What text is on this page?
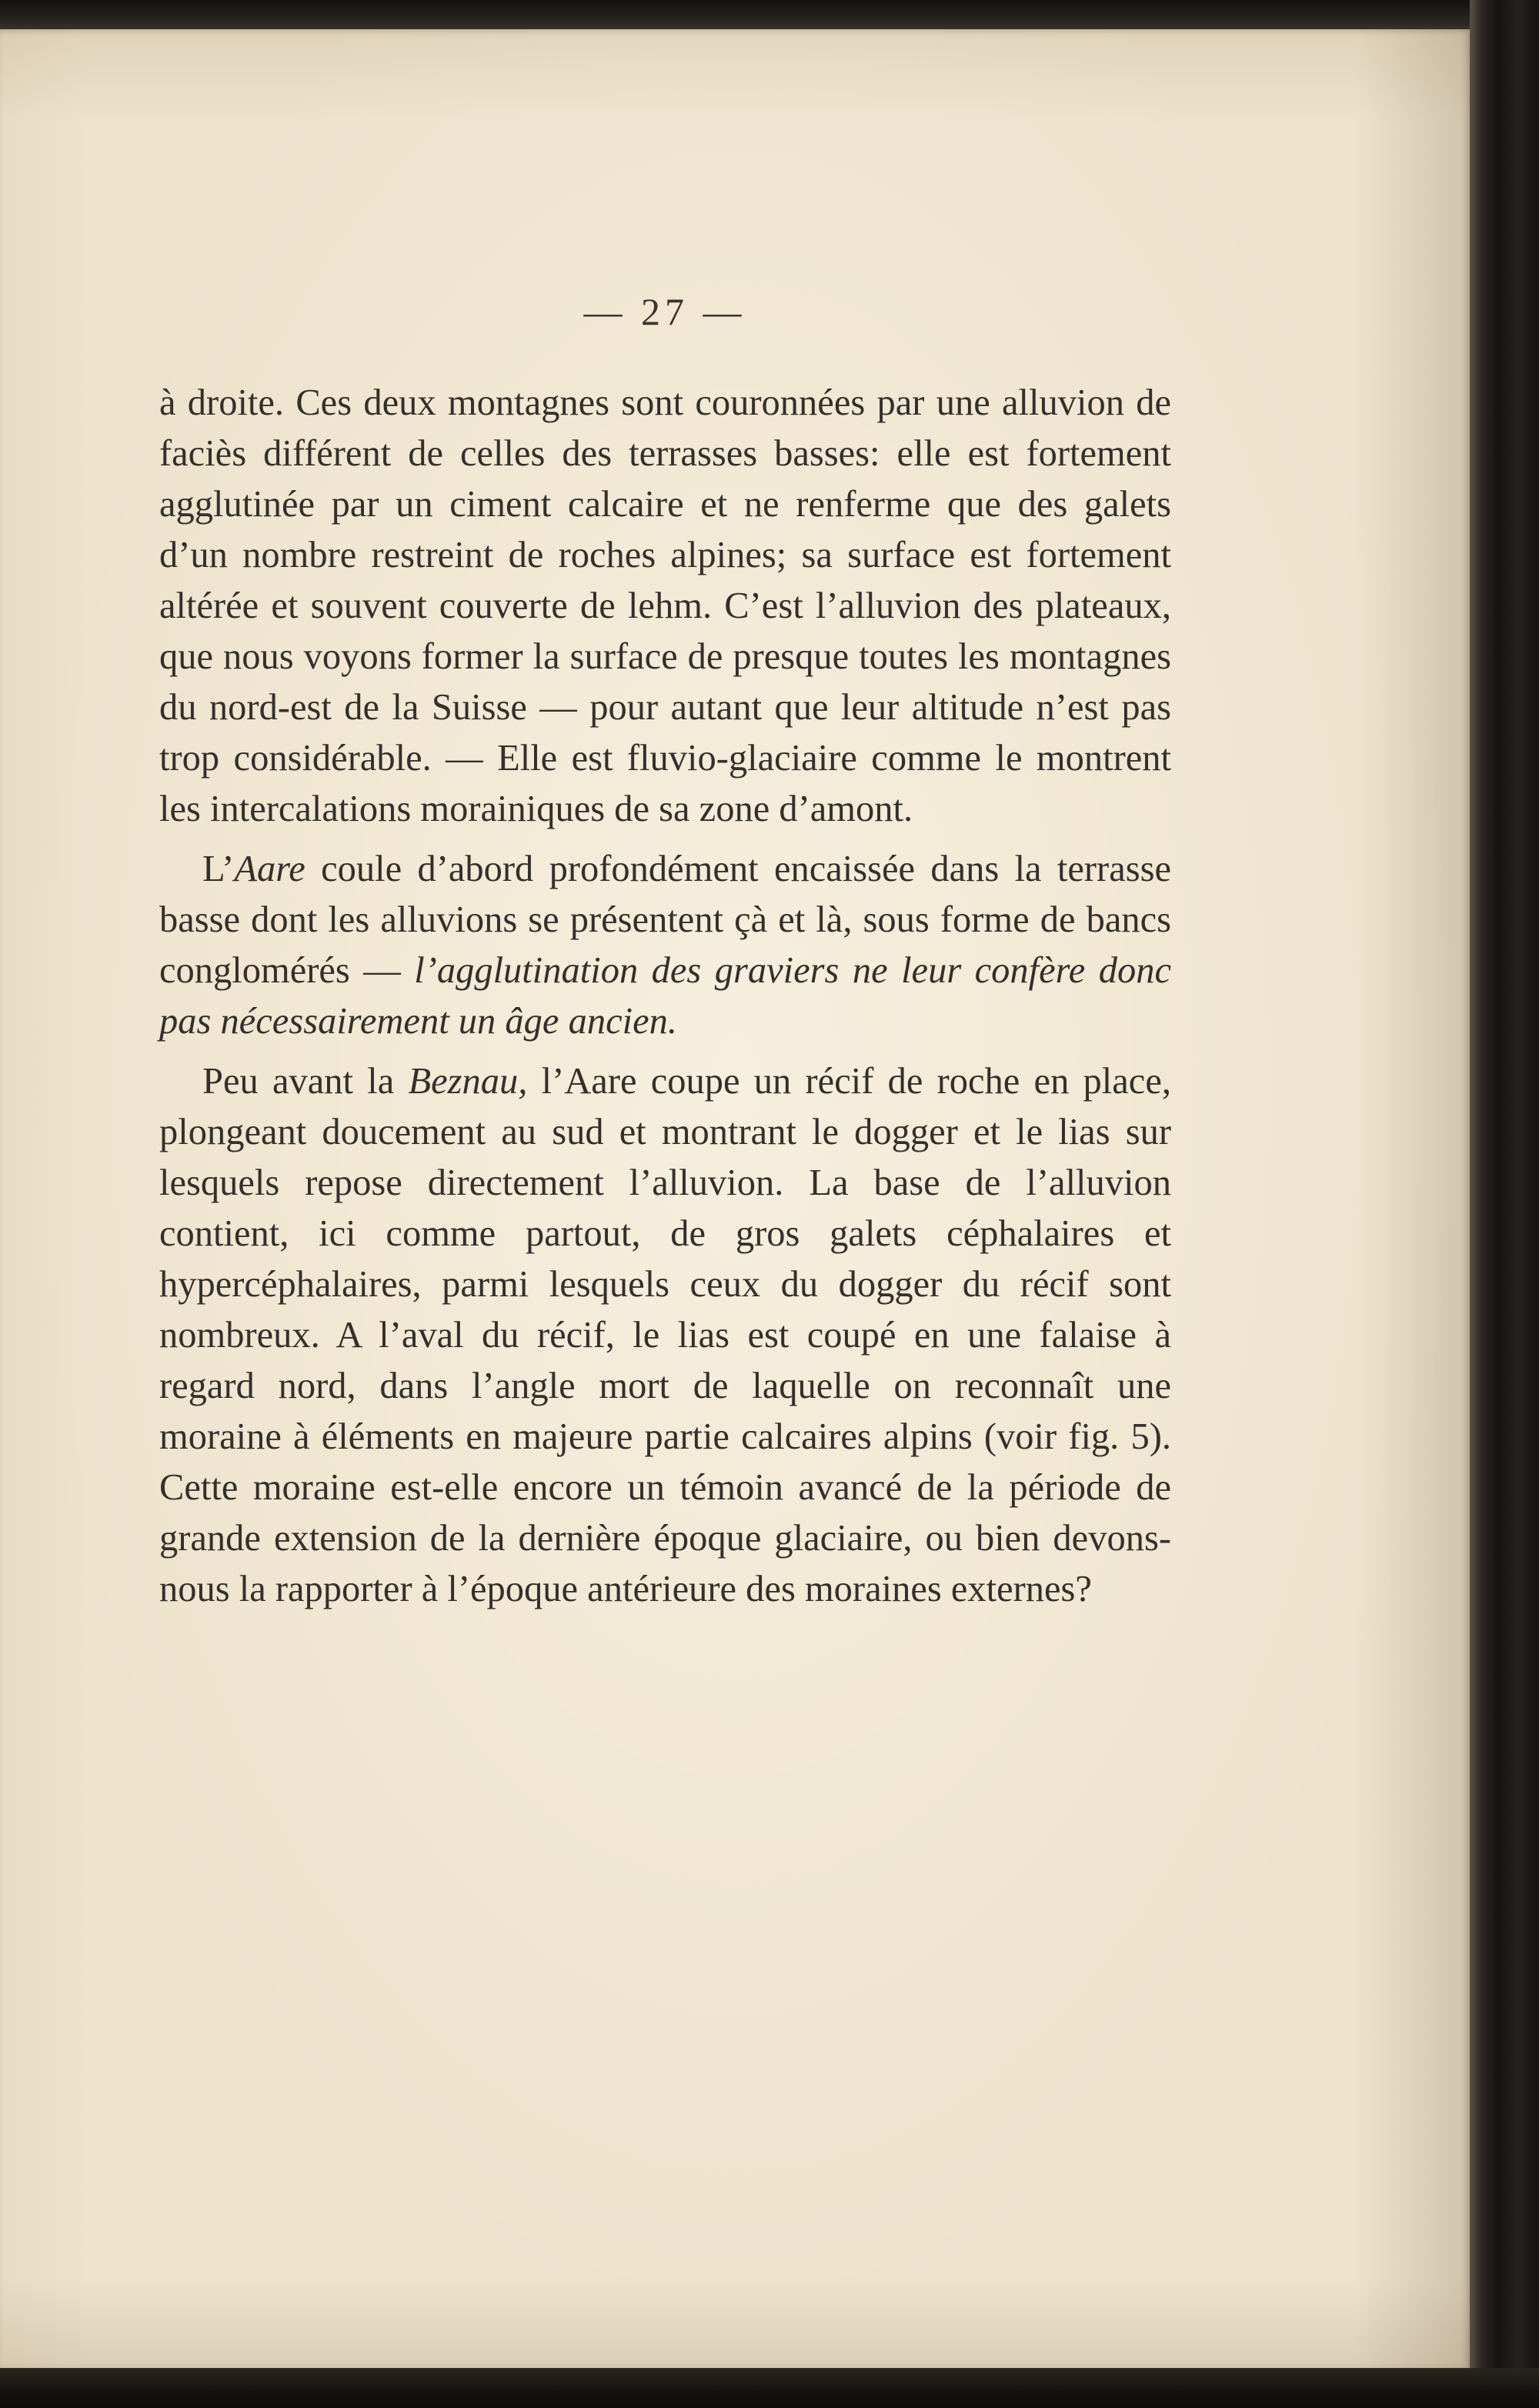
— 27 —

à droite. Ces deux montagnes sont couronnées par une alluvion de faciès différent de celles des terrasses basses: elle est fortement agglutinée par un ciment calcaire et ne renferme que des galets d’un nombre restreint de roches alpines; sa surface est fortement altérée et souvent couverte de lehm. C’est l’alluvion des plateaux, que nous voyons former la surface de presque toutes les montagnes du nord-est de la Suisse — pour autant que leur altitude n’est pas trop considérable. — Elle est fluvio-glaciaire comme le montrent les intercalations morainiques de sa zone d’amont.

L’Aare coule d’abord profondément encaissée dans la terrasse basse dont les alluvions se présentent çà et là, sous forme de bancs conglomérés — l’agglutination des graviers ne leur confère donc pas nécessairement un âge ancien.

Peu avant la Beznau, l’Aare coupe un récif de roche en place, plongeant doucement au sud et montrant le dogger et le lias sur lesquels repose directement l’alluvion. La base de l’alluvion contient, ici comme partout, de gros galets céphalaires et hypercéphalaires, parmi lesquels ceux du dogger du récif sont nombreux. A l’aval du récif, le lias est coupé en une falaise à regard nord, dans l’angle mort de laquelle on reconnaît une moraine à éléments en majeure partie calcaires alpins (voir fig. 5). Cette moraine est-elle encore un témoin avancé de la période de grande extension de la dernière époque glaciaire, ou bien devons-nous la rapporter à l’époque antérieure des moraines externes?
